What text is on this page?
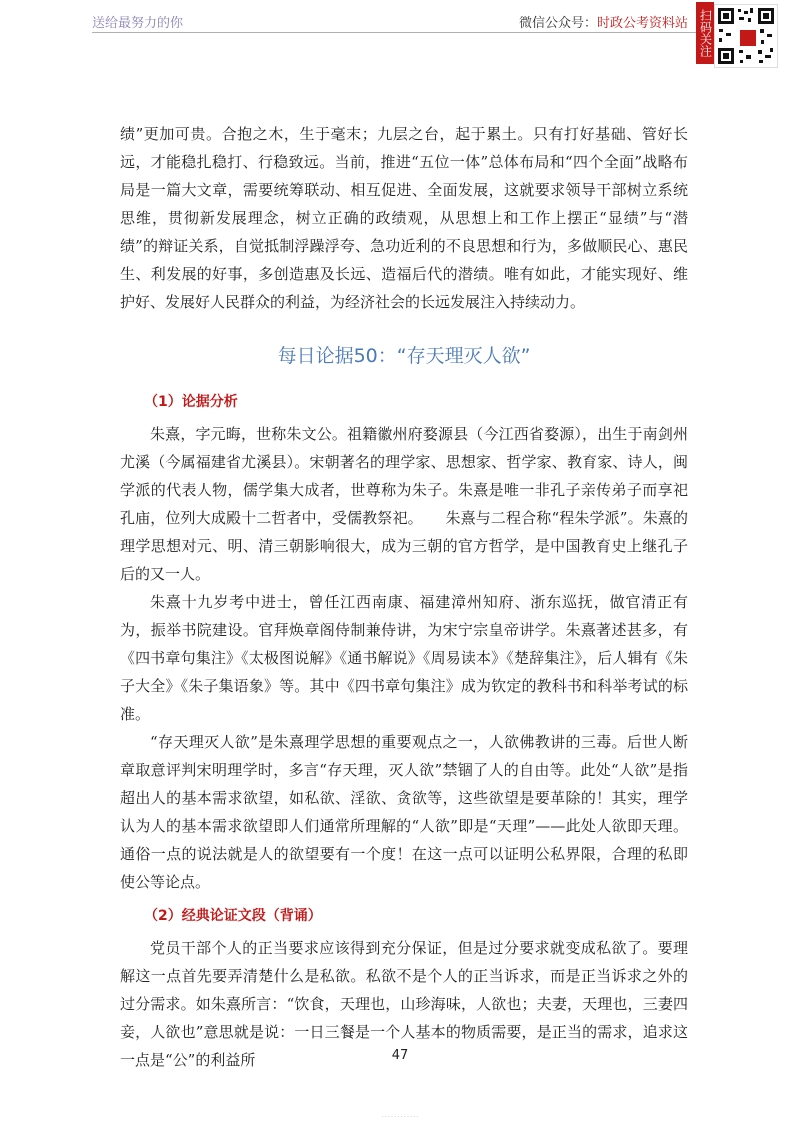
送给最努力的你	微信公众号：时政公考资料站 扫码关注

绩”更加可贵。合抱之木，生于毫末；九层之台，起于累土。只有打好基础、管好长远，才能稳扎稳打、行稳致远。当前，推进“五位一体”总体布局和“四个全面”战略布局是一篇大文章，需要统筹联动、相互促进、全面发展，这就要求领导干部树立系统思维，贯彻新发展理念，树立正确的政绩观，从思想上和工作上摆正“显绩”与“潜绩”的辩证关系，自觉抵制浮躁浮夸、急功近利的不良思想和行为，多做顺民心、惠民生、利发展的好事，多创造惠及长远、造福后代的潜绩。唯有如此，才能实现好、维护好、发展好人民群众的利益，为经济社会的长远发展注入持续动力。

每日论据50：“存天理灭人欲”
（1）论据分析

朱熹，字元晦，世称朱文公。祖籍徽州府婺源县（今江西省婺源），出生于南剑州尤溪（今属福建省尤溪县）。宋朝著名的理学家、思想家、哲学家、教育家、诗人，闽学派的代表人物，儒学集大成者，世尊称为朱子。朱熹是唯一非孔子亲传弟子而享祀孔庙，位列大成殿十二哲者中，受儒教祭祀。　　朱熹与二程合称“程朱学派”。朱熹的理学思想对元、明、清三朝影响很大，成为三朝的官方哲学，是中国教育史上继孔子后的又一人。

朱熹十九岁考中进士，曾任江西南康、福建漳州知府、浙东巡抚，做官清正有为，振举书院建设。官拜焕章阁侍制兼侍讲，为宋宁宗皇帝讲学。朱熹著述甚多，有《四书章句集注》《太极图说解》《通书解说》《周易读本》《楚辞集注》，后人辑有《朱子大全》《朱子集语象》等。其中《四书章句集注》成为钦定的教科书和科举考试的标准。

“存天理灭人欲”是朱熹理学思想的重要观点之一，人欲佛教讲的三毒。后世人断章取意评判宋明理学时，多言“存天理，灭人欲”禁锢了人的自由等。此处“人欲”是指超出人的基本需求欲望，如私欲、淫欲、贪欲等，这些欲望是要革除的！其实，理学认为人的基本需求欲望即人们通常所理解的“人欲”即是“天理”——此处人欲即天理。通俗一点的说法就是人的欲望要有一个度！在这一点可以证明公私界限，合理的私即使公等论点。

（2）经典论证文段（背诵）

党员干部个人的正当要求应该得到充分保证，但是过分要求就变成私欲了。要理解这一点首先要弄清楚什么是私欲。私欲不是个人的正当诉求，而是正当诉求之外的过分需求。如朱熹所言：“饮食，天理也，山珍海味，人欲也；夫妻，天理也，三妻四妾，人欲也”意思就是说：一日三餐是一个人基本的物质需要，是正当的需求，追求这一点是“公”的利益所	47
· · · · · · · · · · · ·
